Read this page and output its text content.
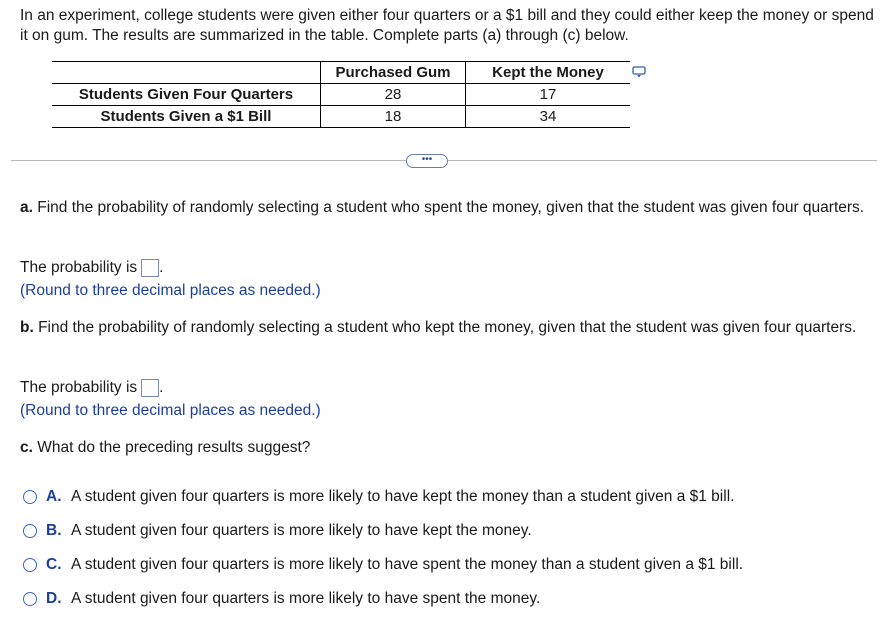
In an experiment, college students were given either four quarters or a $1 bill and they could either keep the money or spend it on gum. The results are summarized in the table. Complete parts (a) through (c) below.
	Purchased Gum	Kept the Money
Students Given Four Quarters	28	17
Students Given a $1 Bill	18	34
•••
a. Find the probability of randomly selecting a student who spent the money, given that the student was given four quarters.
The probability is .
(Round to three decimal places as needed.)
b. Find the probability of randomly selecting a student who kept the money, given that the student was given four quarters.
The probability is .
(Round to three decimal places as needed.)
c. What do the preceding results suggest?
A. A student given four quarters is more likely to have kept the money than a student given a $1 bill.
B. A student given four quarters is more likely to have kept the money.
C. A student given four quarters is more likely to have spent the money than a student given a $1 bill.
D. A student given four quarters is more likely to have spent the money.
